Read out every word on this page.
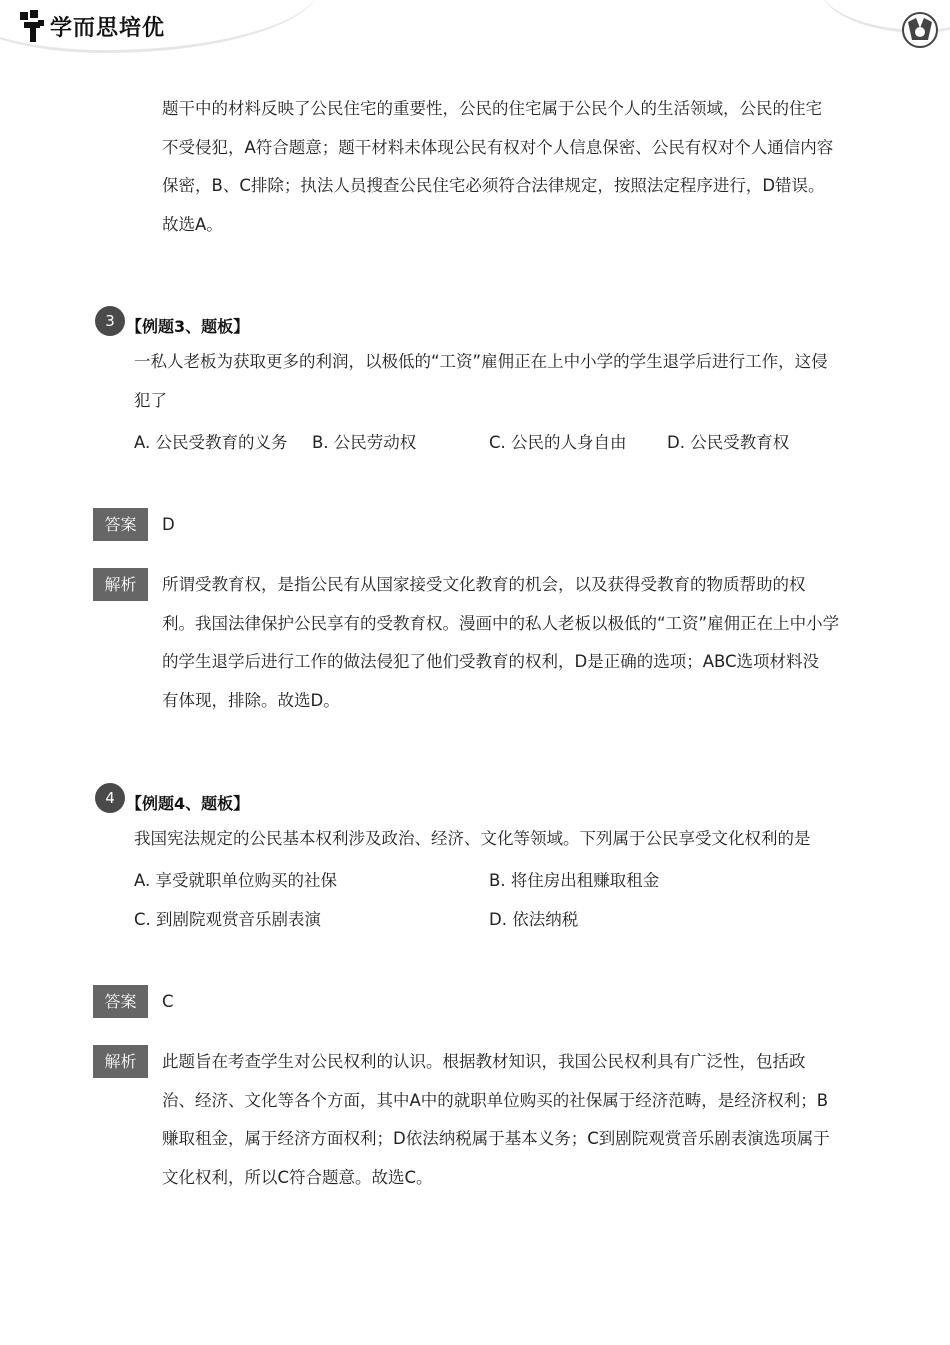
学而思培优

题干中的材料反映了公民住宅的重要性，公民的住宅属于公民个人的生活领域，公民的住宅

不受侵犯，A符合题意；题干材料未体现公民有权对个人信息保密、公民有权对个人通信内容

保密，B、C排除；执法人员搜查公民住宅必须符合法律规定，按照法定程序进行，D错误。

故选A。

3 【例题3、题板】

一私人老板为获取更多的利润，以极低的“工资”雇佣正在上中小学的学生退学后进行工作，这侵

犯了

A. 公民受教育的义务 B. 公民劳动权	C. 公民的人身自由 D. 公民受教育权
答案	D
解析	所谓受教育权，是指公民有从国家接受文化教育的机会，以及获得受教育的物质帮助的权

利。我国法律保护公民享有的受教育权。漫画中的私人老板以极低的“工资”雇佣正在上中小学

的学生退学后进行工作的做法侵犯了他们受教育的权利，D是正确的选项；ABC选项材料没

有体现，排除。故选D。

4 【例题4、题板】

我国宪法规定的公民基本权利涉及政治、经济、文化等领域。下列属于公民享受文化权利的是

A. 享受就职单位购买的社保	B. 将住房出租赚取租金
C. 到剧院观赏音乐剧表演	D. 依法纳税
答案	C
解析	此题旨在考查学生对公民权利的认识。根据教材知识，我国公民权利具有广泛性，包括政

治、经济、文化等各个方面，其中A中的就职单位购买的社保属于经济范畴，是经济权利；B

赚取租金，属于经济方面权利；D依法纳税属于基本义务；C到剧院观赏音乐剧表演选项属于

文化权利，所以C符合题意。故选C。
